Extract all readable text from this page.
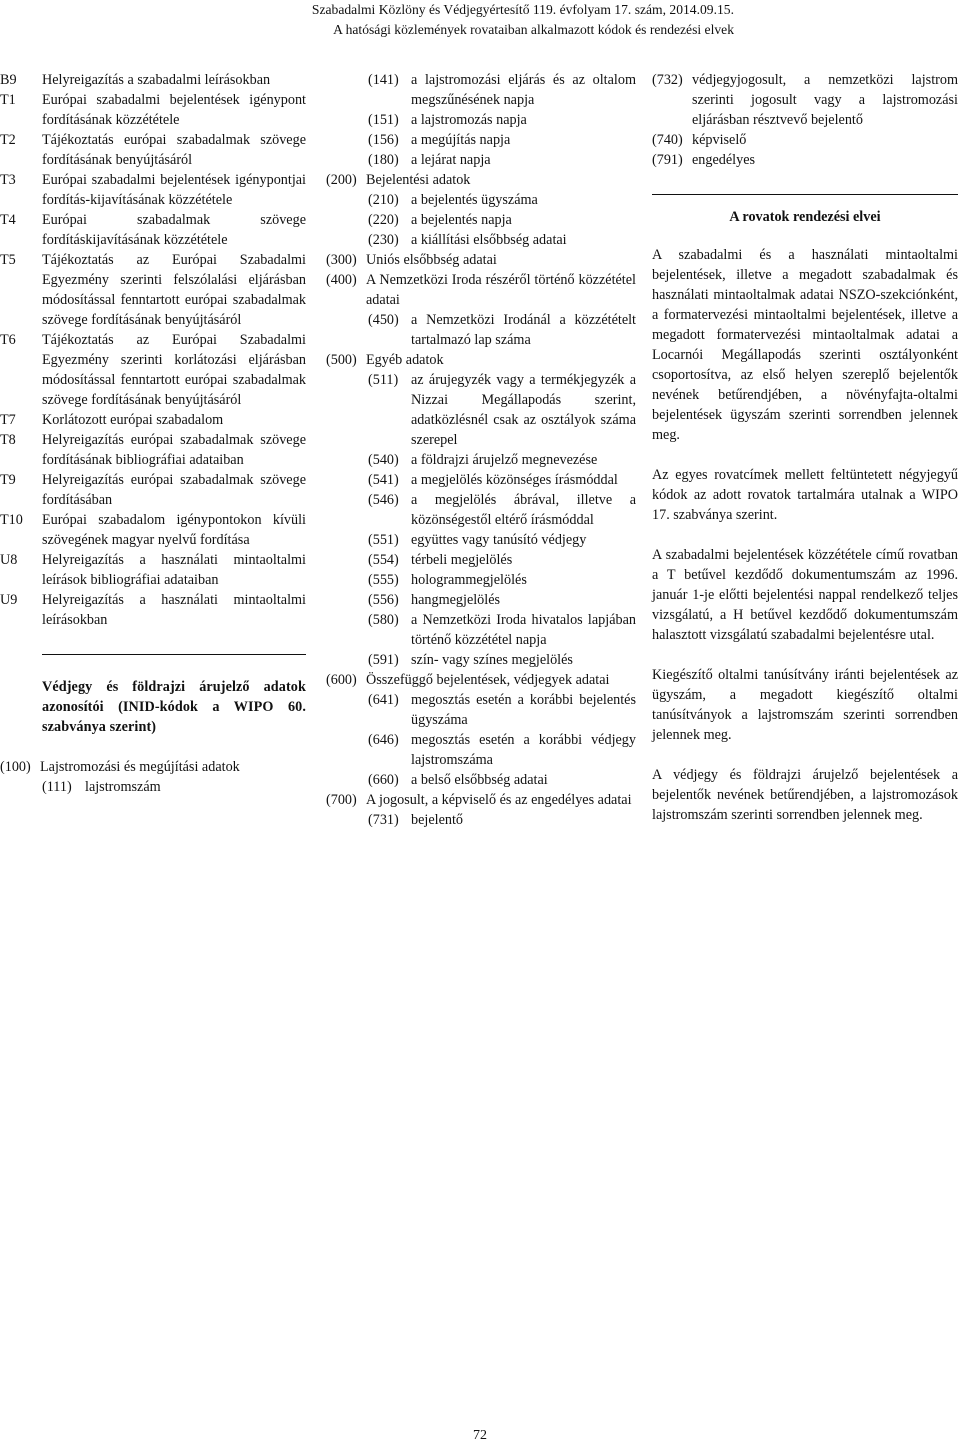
Szabadalmi Közlöny és Védjegyértesítő 119. évfolyam 17. szám, 2014.09.15.
A hatósági közlemények rovataiban alkalmazott kódok és rendezési elvek
B9	Helyreigazítás a szabadalmi leírásokban
T1	Európai szabadalmi bejelentések igénypont fordításának közzététele
T2	Tájékoztatás európai szabadalmak szövege fordításának benyújtásáról
T3	Európai szabadalmi bejelentések igénypontjai fordítás-kijavításának közzététele
T4	Európai szabadalmak szövege fordításkijavításának közzététele
T5	Tájékoztatás az Európai Szabadalmi Egyezmény szerinti felszólalási eljárásban módosítással fenntartott európai szabadalmak szövege fordításának benyújtásáról
T6	Tájékoztatás az Európai Szabadalmi Egyezmény szerinti korlátozási eljárásban módosítással fenntartott európai szabadalmak szövege fordításának benyújtásáról
T7	Korlátozott európai szabadalom
T8	Helyreigazítás európai szabadalmak szövege fordításának bibliográfiai adataiban
T9	Helyreigazítás európai szabadalmak szövege fordításában
T10	Európai szabadalom igénypontokon kívüli szövegének magyar nyelvű fordítása
U8	Helyreigazítás a használati mintaoltalmi leírások bibliográfiai adataiban
U9	Helyreigazítás a használati mintaoltalmi leírásokban
Védjegy és földrajzi árujelző adatok azonosítói (INID-kódok a WIPO 60. szabványa szerint)
(100) Lajstromozási és megújítási adatok
(111) lajstromszám
(141) a lajstromozási eljárás és az oltalom megszűnésének napja
(151) a lajstromozás napja
(156) a megújítás napja
(180) a lejárat napja
(200) Bejelentési adatok
(210) a bejelentés ügyszáma
(220) a bejelentés napja
(230) a kiállítási elsőbbség adatai
(300) Uniós elsőbbség adatai
(400) A Nemzetközi Iroda részéről történő közzététel adatai
(450) a Nemzetközi Irodánál a közzétételt tartalmazó lap száma
(500) Egyéb adatok
(511) az árujegyzék vagy a termékjegyzék a Nizzai Megállapodás szerint, adatközlésnél csak az osztályok száma szerepel
(540) a földrajzi árujelző megnevezése
(541) a megjelölés közönséges írásmóddal
(546) a megjelölés ábrával, illetve a közönségestől eltérő írásmóddal
(551) együttes vagy tanúsító védjegy
(554) térbeli megjelölés
(555) hologrammegjelölés
(556) hangmegjelölés
(580) a Nemzetközi Iroda hivatalos lapjában történő közzététel napja
(591) szín- vagy színes megjelölés
(600) Összefüggő bejelentések, védjegyek adatai
(641) megosztás esetén a korábbi bejelentés ügyszáma
(646) megosztás esetén a korábbi védjegy lajstromszáma
(660) a belső elsőbbség adatai
(700) A jogosult, a képviselő és az engedélyes adatai
(731) bejelentő
(732) védjegyjogosult, a nemzetközi lajstrom szerinti jogosult vagy a lajstromozási eljárásban résztvevő bejelentő
(740) képviselő
(791) engedélyes
A rovatok rendezési elvei

A szabadalmi és a használati mintaoltalmi bejelentések, illetve a megadott szabadalmak és használati mintaoltalmak adatai NSZO-szekciónként, a formatervezési mintaoltalmi bejelentések, illetve a megadott formatervezési mintaoltalmak adatai a Locarnói Megállapodás szerinti osztályonként csoportosítva, az első helyen szereplő bejelentők nevének betűrendjében, a növényfajta-oltalmi bejelentések ügyszám szerinti sorrendben jelennek meg.

Az egyes rovatcímek mellett feltüntetett négyjegyű kódok az adott rovatok tartalmára utalnak a WIPO 17. szabványa szerint.

A szabadalmi bejelentések közzététele című rovatban a T betűvel kezdődő dokumentumszám az 1996. január 1-je előtti bejelentési nappal rendelkező teljes vizsgálatú, a H betűvel kezdődő dokumentumszám halasztott vizsgálatú szabadalmi bejelentésre utal.

Kiegészítő oltalmi tanúsítvány iránti bejelentések az ügyszám, a megadott kiegészítő oltalmi tanúsítványok a lajstromszám szerinti sorrendben jelennek meg.

A védjegy és földrajzi árujelző bejelentések a bejelentők nevének betűrendjében, a lajstromozások lajstromszám szerinti sorrendben jelennek meg.

72
